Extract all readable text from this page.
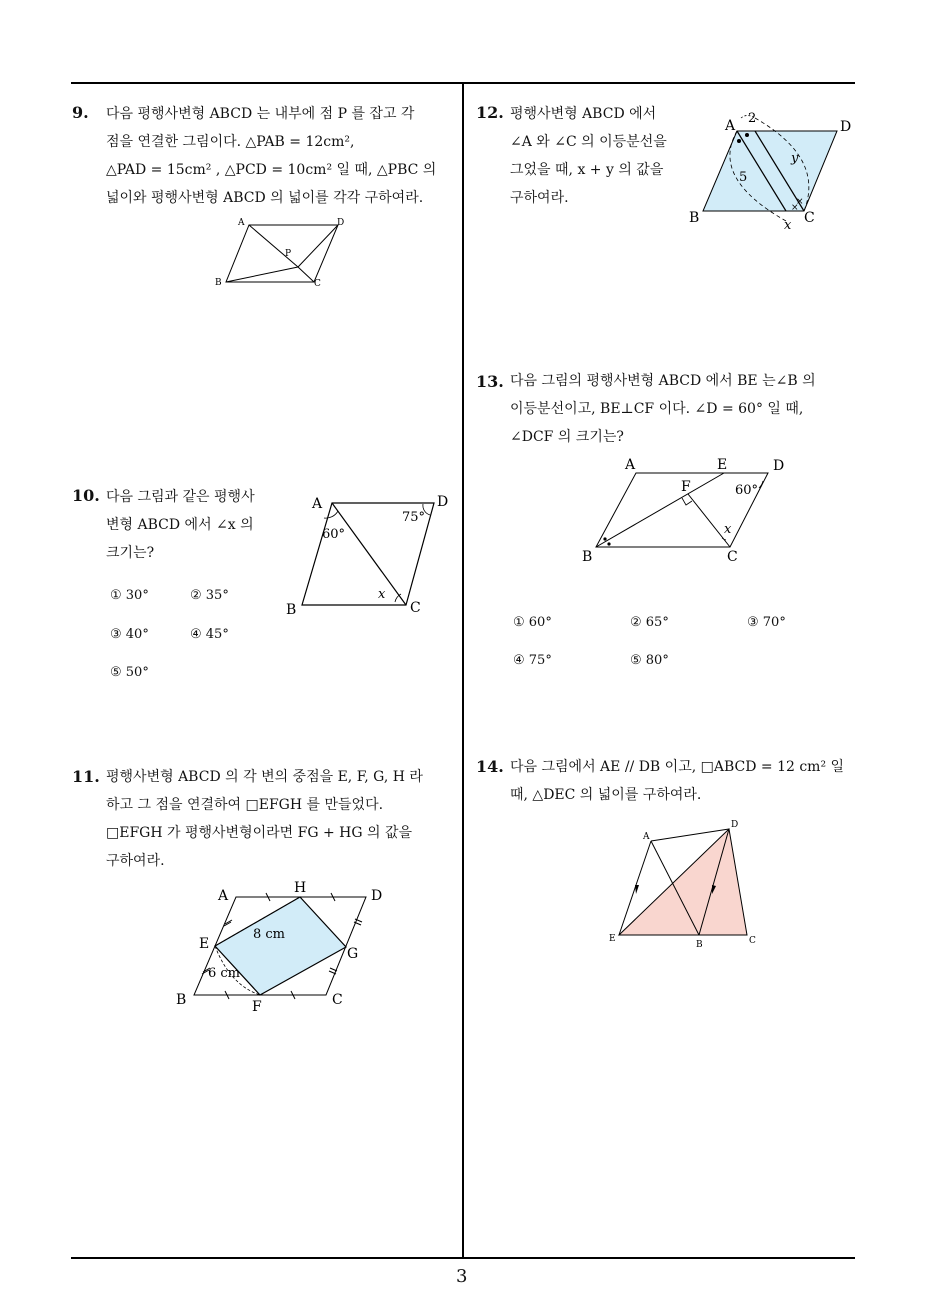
3
9. 다음 평행사변형 ABCD 는 내부에 점 P 를 잡고 각
점을 연결한 그림이다. △PAB = 12cm²,
△PAD = 15cm² , △PCD = 10cm² 일 때, △PBC 의
넓이와 평행사변형 ABCD 의 넓이를 각각 구하여라.
A	D
B	C
P
10. 다음 그림과 같은 평행사
변형 ABCD 에서 ∠x 의
크기는?
① 30°	② 35°
③ 40°	④ 45°
⑤ 50°
A	D
B	C
60°
75°
x
11. 평행사변형 ABCD 의 각 변의 중점을 E, F, G, H 라
하고 그 점을 연결하여 □EFGH 를 만들었다.
□EFGH 가 평행사변형이라면 FG + HG 의 값을
구하여라.
A	H	D
E
G
B	F	C
8 cm
6 cm
12. 평행사변형 ABCD 에서
∠A 와 ∠C 의 이등분선을
그었을 때, x + y 의 값을
구하여라.
×
×
A	D
B	C
2
5
y
x
13. 다음 그림의 평행사변형 ABCD 에서 BE 는∠B 의
이등분선이고, BE⊥CF 이다. ∠D = 60° 일 때,
∠DCF 의 크기는?
A	E	D
F
B	C
60°
x
① 60°	② 65°	③ 70°
④ 75°	⑤ 80°
14. 다음 그림에서 AE // DB 이고, □ABCD = 12 cm² 일
때, △DEC 의 넓이를 구하여라.
A
D
E
B	C
